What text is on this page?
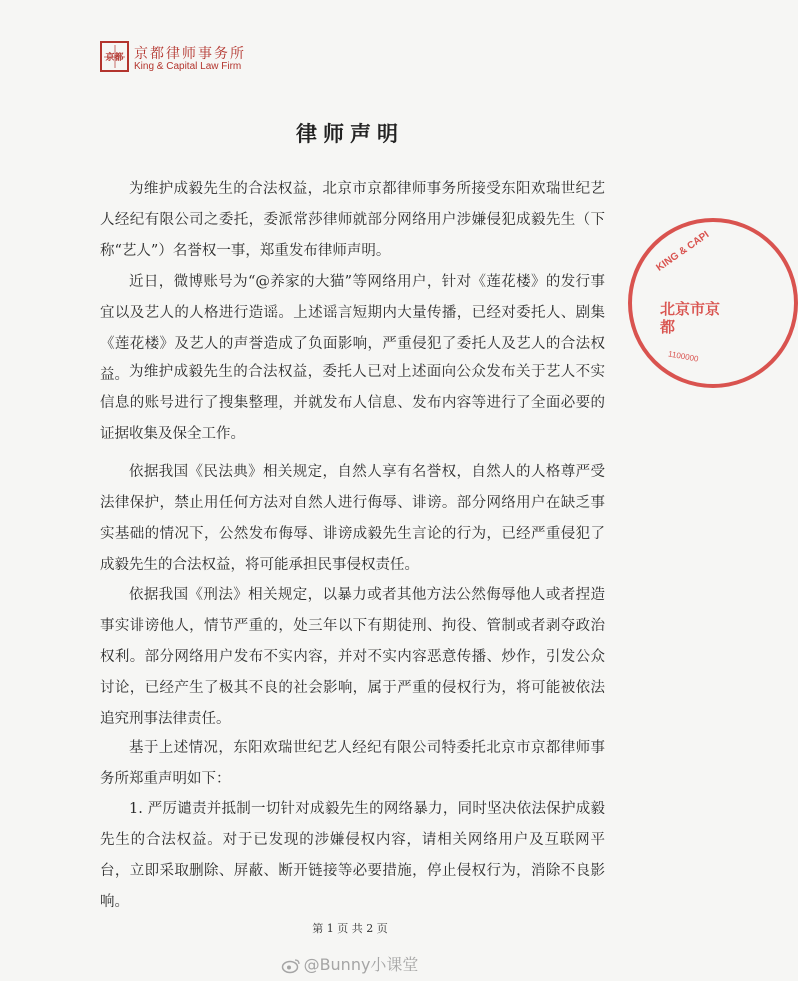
京都 京都律师事务所
King & Capital Law Firm
律师声明
为维护成毅先生的合法权益，北京市京都律师事务所接受东阳欢瑞世纪艺人经纪有限公司之委托，委派常莎律师就部分网络用户涉嫌侵犯成毅先生（下称“艺人”）名誉权一事，郑重发布律师声明。
近日，微博账号为“@养家的大猫”等网络用户，针对《莲花楼》的发行事宜以及艺人的人格进行造谣。上述谣言短期内大量传播，已经对委托人、剧集《莲花楼》及艺人的声誉造成了负面影响，严重侵犯了委托人及艺人的合法权益。 为维护成毅先生的合法权益，委托人已对上述面向公众发布关于艺人不实信息的账号进行了搜集整理，并就发布人信息、发布内容等进行了全面必要的证据收集及保全工作。
依据我国《民法典》相关规定，自然人享有名誉权，自然人的人格尊严受法律保护，禁止用任何方法对自然人进行侮辱、诽谤。部分网络用户在缺乏事实基础的情况下，公然发布侮辱、诽谤成毅先生言论的行为，已经严重侵犯了成毅先生的合法权益，将可能承担民事侵权责任。
依据我国《刑法》相关规定，以暴力或者其他方法公然侮辱他人或者捏造事实诽谤他人，情节严重的，处三年以下有期徒刑、拘役、管制或者剥夺政治权利。部分网络用户发布不实内容，并对不实内容恶意传播、炒作，引发公众讨论，已经产生了极其不良的社会影响，属于严重的侵权行为，将可能被依法追究刑事法律责任。
基于上述情况，东阳欢瑞世纪艺人经纪有限公司特委托北京市京都律师事务所郑重声明如下：
1. 严厉谴责并抵制一切针对成毅先生的网络暴力，同时坚决依法保护成毅先生的合法权益。对于已发现的涉嫌侵权内容，请相关网络用户及互联网平台，立即采取删除、屏蔽、断开链接等必要措施，停止侵权行为，消除不良影响。
KING & CAPI
北京市京都
1100000
第 1 页 共 2 页
@Bunny小课堂
